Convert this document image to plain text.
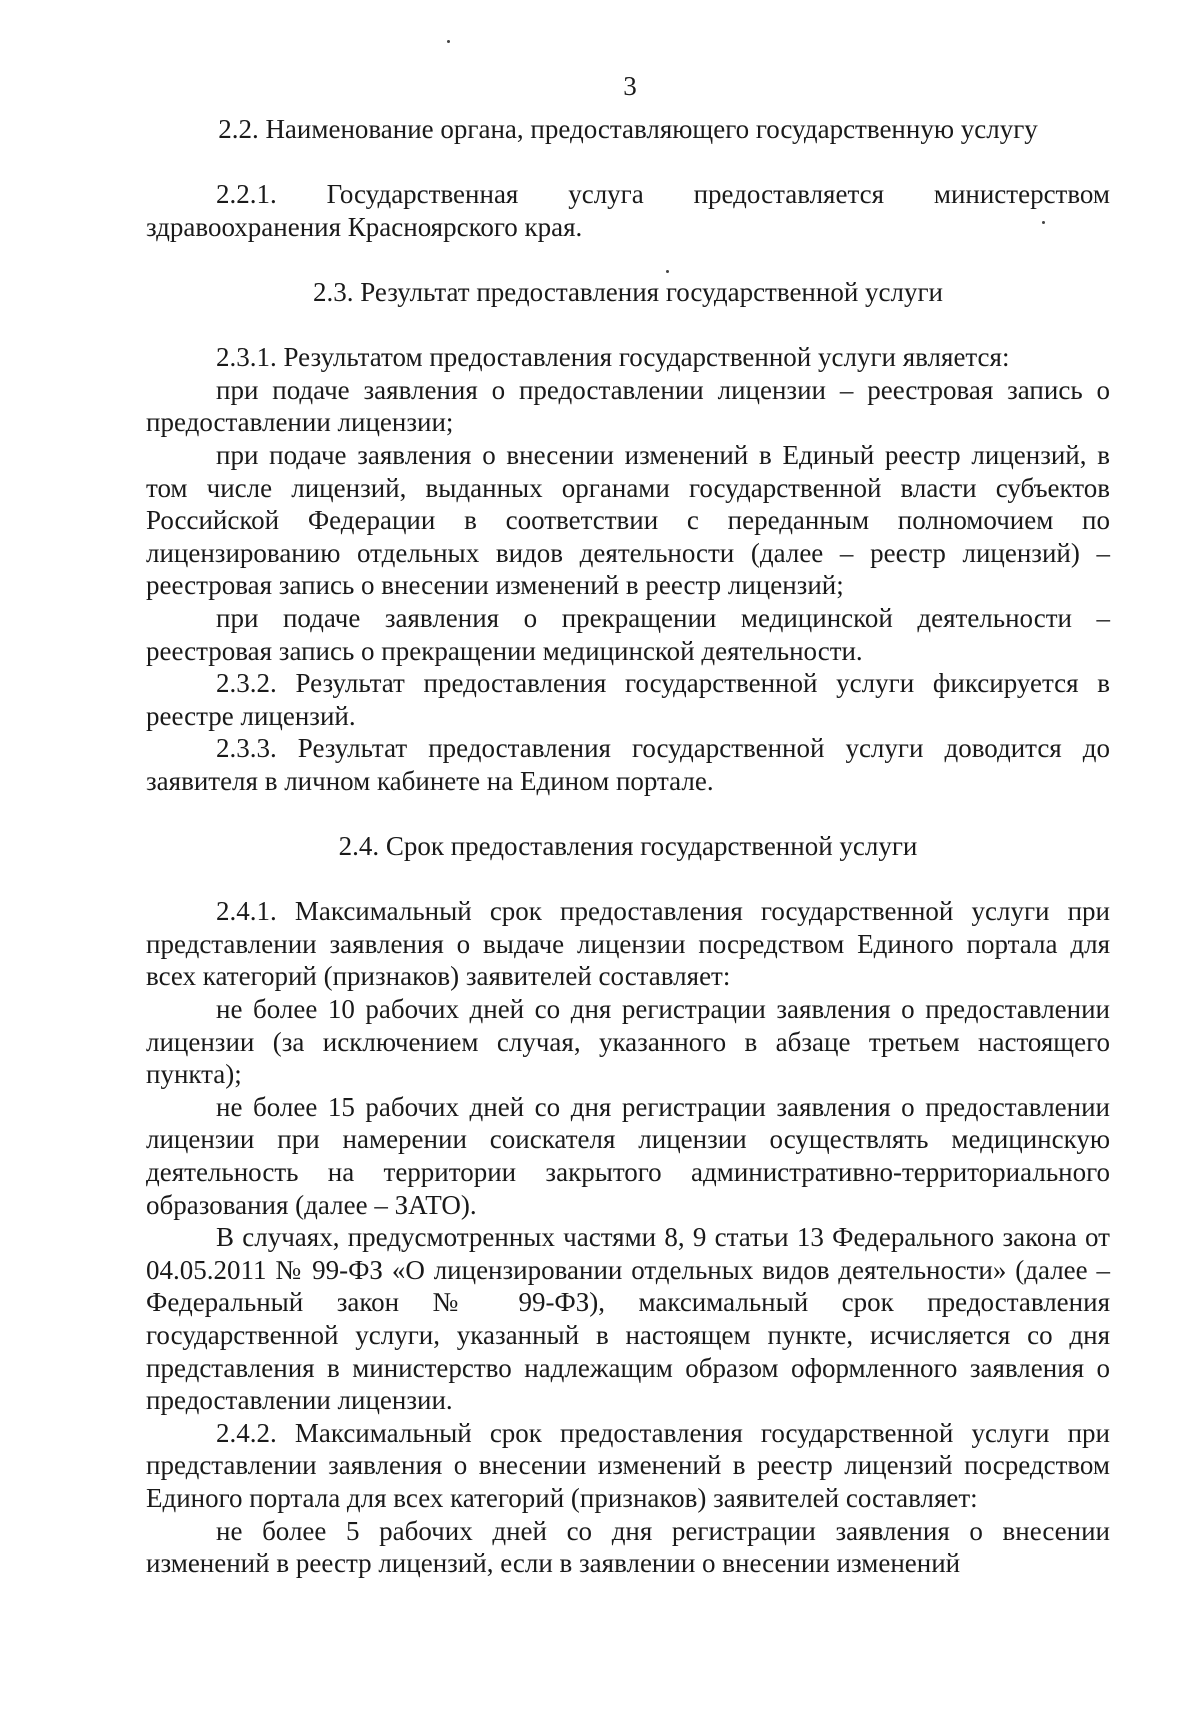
3

2.2. Наименование органа, предоставляющего государственную услугу

2.2.1. Государственная услуга предоставляется министерством здравоохранения Красноярского края.

2.3. Результат предоставления государственной услуги

2.3.1. Результатом предоставления государственной услуги является:

при подаче заявления о предоставлении лицензии – реестровая запись о предоставлении лицензии;

при подаче заявления о внесении изменений в Единый реестр лицензий, в том числе лицензий, выданных органами государственной власти субъектов Российской Федерации в соответствии с переданным полномочием по лицензированию отдельных видов деятельности (далее – реестр лицензий) – реестровая запись о внесении изменений в реестр лицензий;

при подаче заявления о прекращении медицинской деятельности – реестровая запись о прекращении медицинской деятельности.

2.3.2. Результат предоставления государственной услуги фиксируется в реестре лицензий.

2.3.3. Результат предоставления государственной услуги доводится до заявителя в личном кабинете на Едином портале.

2.4. Срок предоставления государственной услуги

2.4.1. Максимальный срок предоставления государственной услуги при представлении заявления о выдаче лицензии посредством Единого портала для всех категорий (признаков) заявителей составляет:

не более 10 рабочих дней со дня регистрации заявления о предоставлении лицензии (за исключением случая, указанного в абзаце третьем настоящего пункта);

не более 15 рабочих дней со дня регистрации заявления о предоставлении лицензии при намерении соискателя лицензии осуществлять медицинскую деятельность на территории закрытого административно-территориального образования (далее – ЗАТО).

В случаях, предусмотренных частями 8, 9 статьи 13 Федерального закона от 04.05.2011 № 99-ФЗ «О лицензировании отдельных видов деятельности» (далее – Федеральный закон № 99-ФЗ), максимальный срок предоставления государственной услуги, указанный в настоящем пункте, исчисляется со дня представления в министерство надлежащим образом оформленного заявления о предоставлении лицензии.

2.4.2. Максимальный срок предоставления государственной услуги при представлении заявления о внесении изменений в реестр лицензий посредством Единого портала для всех категорий (признаков) заявителей составляет:

не более 5 рабочих дней со дня регистрации заявления о внесении изменений в реестр лицензий, если в заявлении о внесении изменений
